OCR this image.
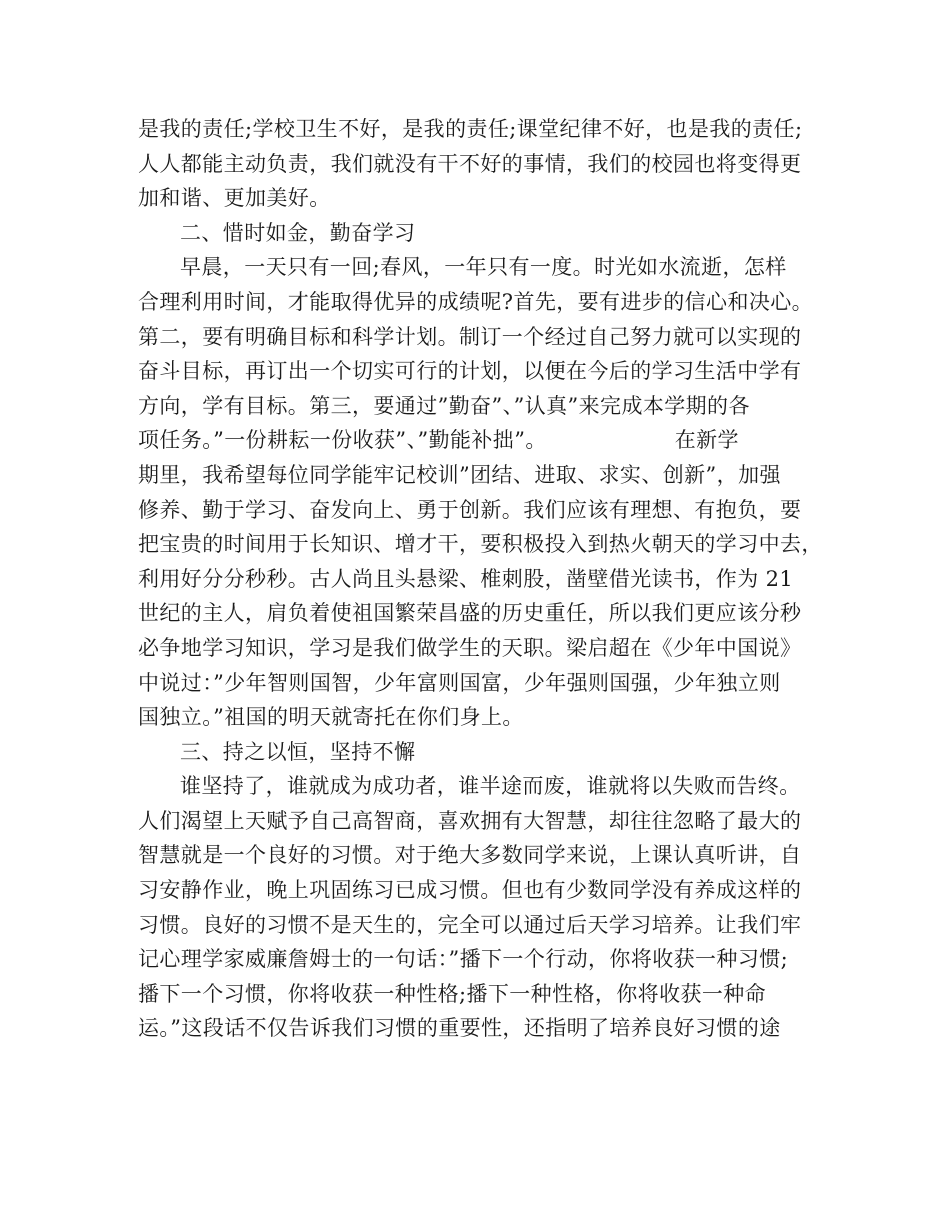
是我的责任;学校卫生不好，是我的责任;课堂纪律不好，也是我的责任;
人人都能主动负责，我们就没有干不好的事情，我们的校园也将变得更
加和谐、更加美好。
二、惜时如金，勤奋学习
早晨，一天只有一回;春风，一年只有一度。时光如水流逝，怎样
合理利用时间，才能取得优异的成绩呢?首先，要有进步的信心和决心。
第二，要有明确目标和科学计划。制订一个经过自己努力就可以实现的
奋斗目标，再订出一个切实可行的计划，以便在今后的学习生活中学有
方向，学有目标。第三，要通过”勤奋”、”认真”来完成本学期的各
项任务。”一份耕耘一份收获”、”勤能补拙”。	在新学
期里，我希望每位同学能牢记校训”团结、进取、求实、创新”，加强
修养、勤于学习、奋发向上、勇于创新。我们应该有理想、有抱负，要
把宝贵的时间用于长知识、增才干，要积极投入到热火朝天的学习中去，
利用好分分秒秒。古人尚且头悬梁、椎刺股，凿壁借光读书，作为 21
世纪的主人，肩负着使祖国繁荣昌盛的历史重任，所以我们更应该分秒
必争地学习知识，学习是我们做学生的天职。梁启超在《少年中国说》
中说过：”少年智则国智，少年富则国富，少年强则国强，少年独立则
国独立。”祖国的明天就寄托在你们身上。
三、持之以恒，坚持不懈
谁坚持了，谁就成为成功者，谁半途而废，谁就将以失败而告终。
人们渴望上天赋予自己高智商，喜欢拥有大智慧，却往往忽略了最大的
智慧就是一个良好的习惯。对于绝大多数同学来说，上课认真听讲，自
习安静作业，晚上巩固练习已成习惯。但也有少数同学没有养成这样的
习惯。良好的习惯不是天生的，完全可以通过后天学习培养。让我们牢
记心理学家威廉詹姆士的一句话：”播下一个行动，你将收获一种习惯;
播下一个习惯，你将收获一种性格;播下一种性格，你将收获一种命
运。”这段话不仅告诉我们习惯的重要性，还指明了培养良好习惯的途
